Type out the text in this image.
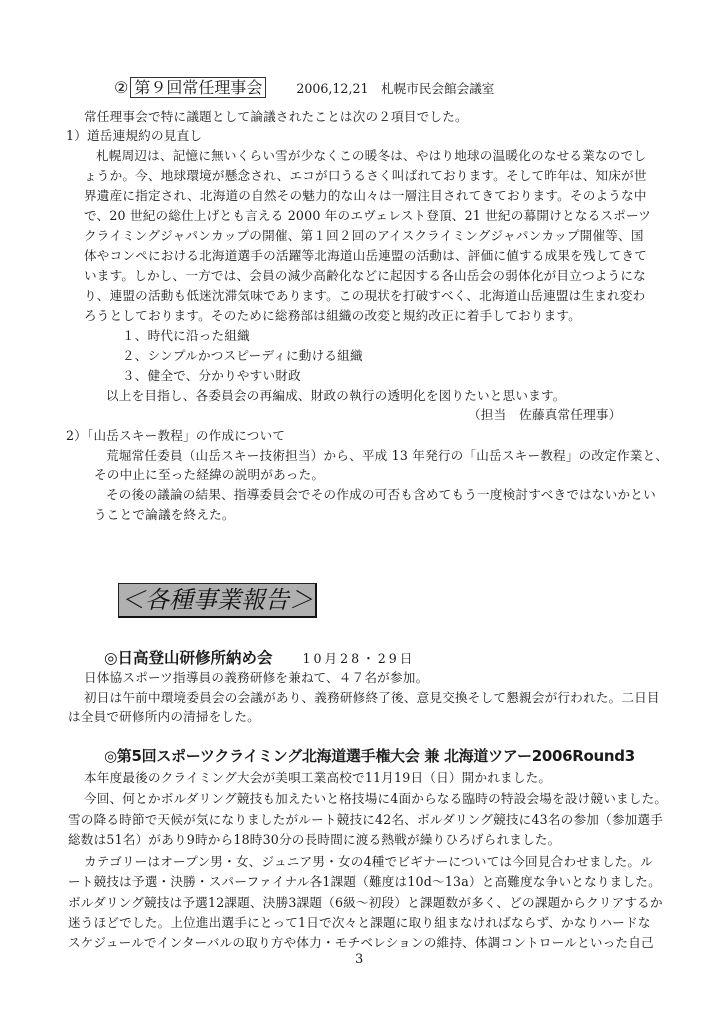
② 第９回常任理事会	2006,12,21　札幌市民会館会議室
常任理事会で特に議題として論議されたことは次の２項目でした。
1）道岳連規約の見直し
札幌周辺は、記憶に無いくらい雪が少なくこの暖冬は、やはり地球の温暖化のなせる業なのでし
ょうか。今、地球環境が懸念され、エコが口うるさく叫ばれております。そして昨年は、知床が世
界遺産に指定され、北海道の自然その魅力的な山々は一層注目されてきております。そのような中
で、20 世紀の総仕上げとも言える 2000 年のエヴェレスト登頂、21 世紀の幕開けとなるスポーツ
クライミングジャパンカップの開催、第１回２回のアイスクライミングジャパンカップ開催等、国
体やコンペにおける北海道選手の活躍等北海道山岳連盟の活動は、評価に値する成果を残してきて
います。しかし、一方では、会員の減少高齢化などに起因する各山岳会の弱体化が目立つようにな
り、連盟の活動も低迷沈滞気味であります。この現状を打破すべく、北海道山岳連盟は生まれ変わ
ろうとしております。そのために総務部は組織の改変と規約改正に着手しております。
１、時代に沿った組織
２、シンプルかつスピーディに動ける組織
３、健全で、分かりやすい財政
以上を目指し、各委員会の再編成、財政の執行の透明化を図りたいと思います。
（担当　佐藤真常任理事）
2）「山岳スキー教程」の作成について
荒堀常任委員（山岳スキー技術担当）から、平成 13 年発行の「山岳スキー教程」の改定作業と、
その中止に至った経緯の説明があった。
その後の議論の結果、指導委員会でその作成の可否も含めてもう一度検討すべきではないかとい
うことで論議を終えた。
＜各種事業報告＞
◎日高登山研修所納め会 10月28・29日
日体協スポーツ指導員の義務研修を兼ねて、４７名が参加。
初日は午前中環境委員会の会議があり、義務研修終了後、意見交換そして懇親会が行われた。二日目
は全員で研修所内の清掃をした。
◎第5回スポーツクライミング北海道選手権大会 兼 北海道ツアー2006Round3
本年度最後のクライミング大会が美唄工業高校で11月19日（日）開かれました。
今回、何とかボルダリング競技も加えたいと格技場に4面からなる臨時の特設会場を設け競いました。
雪の降る時節で天候が気になりましたがルート競技に42名、ボルダリング競技に43名の参加（参加選手
総数は51名）があり9時から18時30分の長時間に渡る熱戦が繰りひろげられました。
カテゴリーはオープン男・女、ジュニア男・女の4種でビギナーについては今回見合わせました。ル
ート競技は予選・決勝・スパーファイナル各1課題（難度は10d～13a）と高難度な争いとなりました。
ボルダリング競技は予選12課題、決勝3課題（6級～初段）と課題数が多く、どの課題からクリアするか
迷うほどでした。上位進出選手にとって1日で次々と課題に取り組まなければならず、かなりハードな
スケジュールでインターバルの取り方や体力・モチベレションの維持、体調コントロールといった自己
3
